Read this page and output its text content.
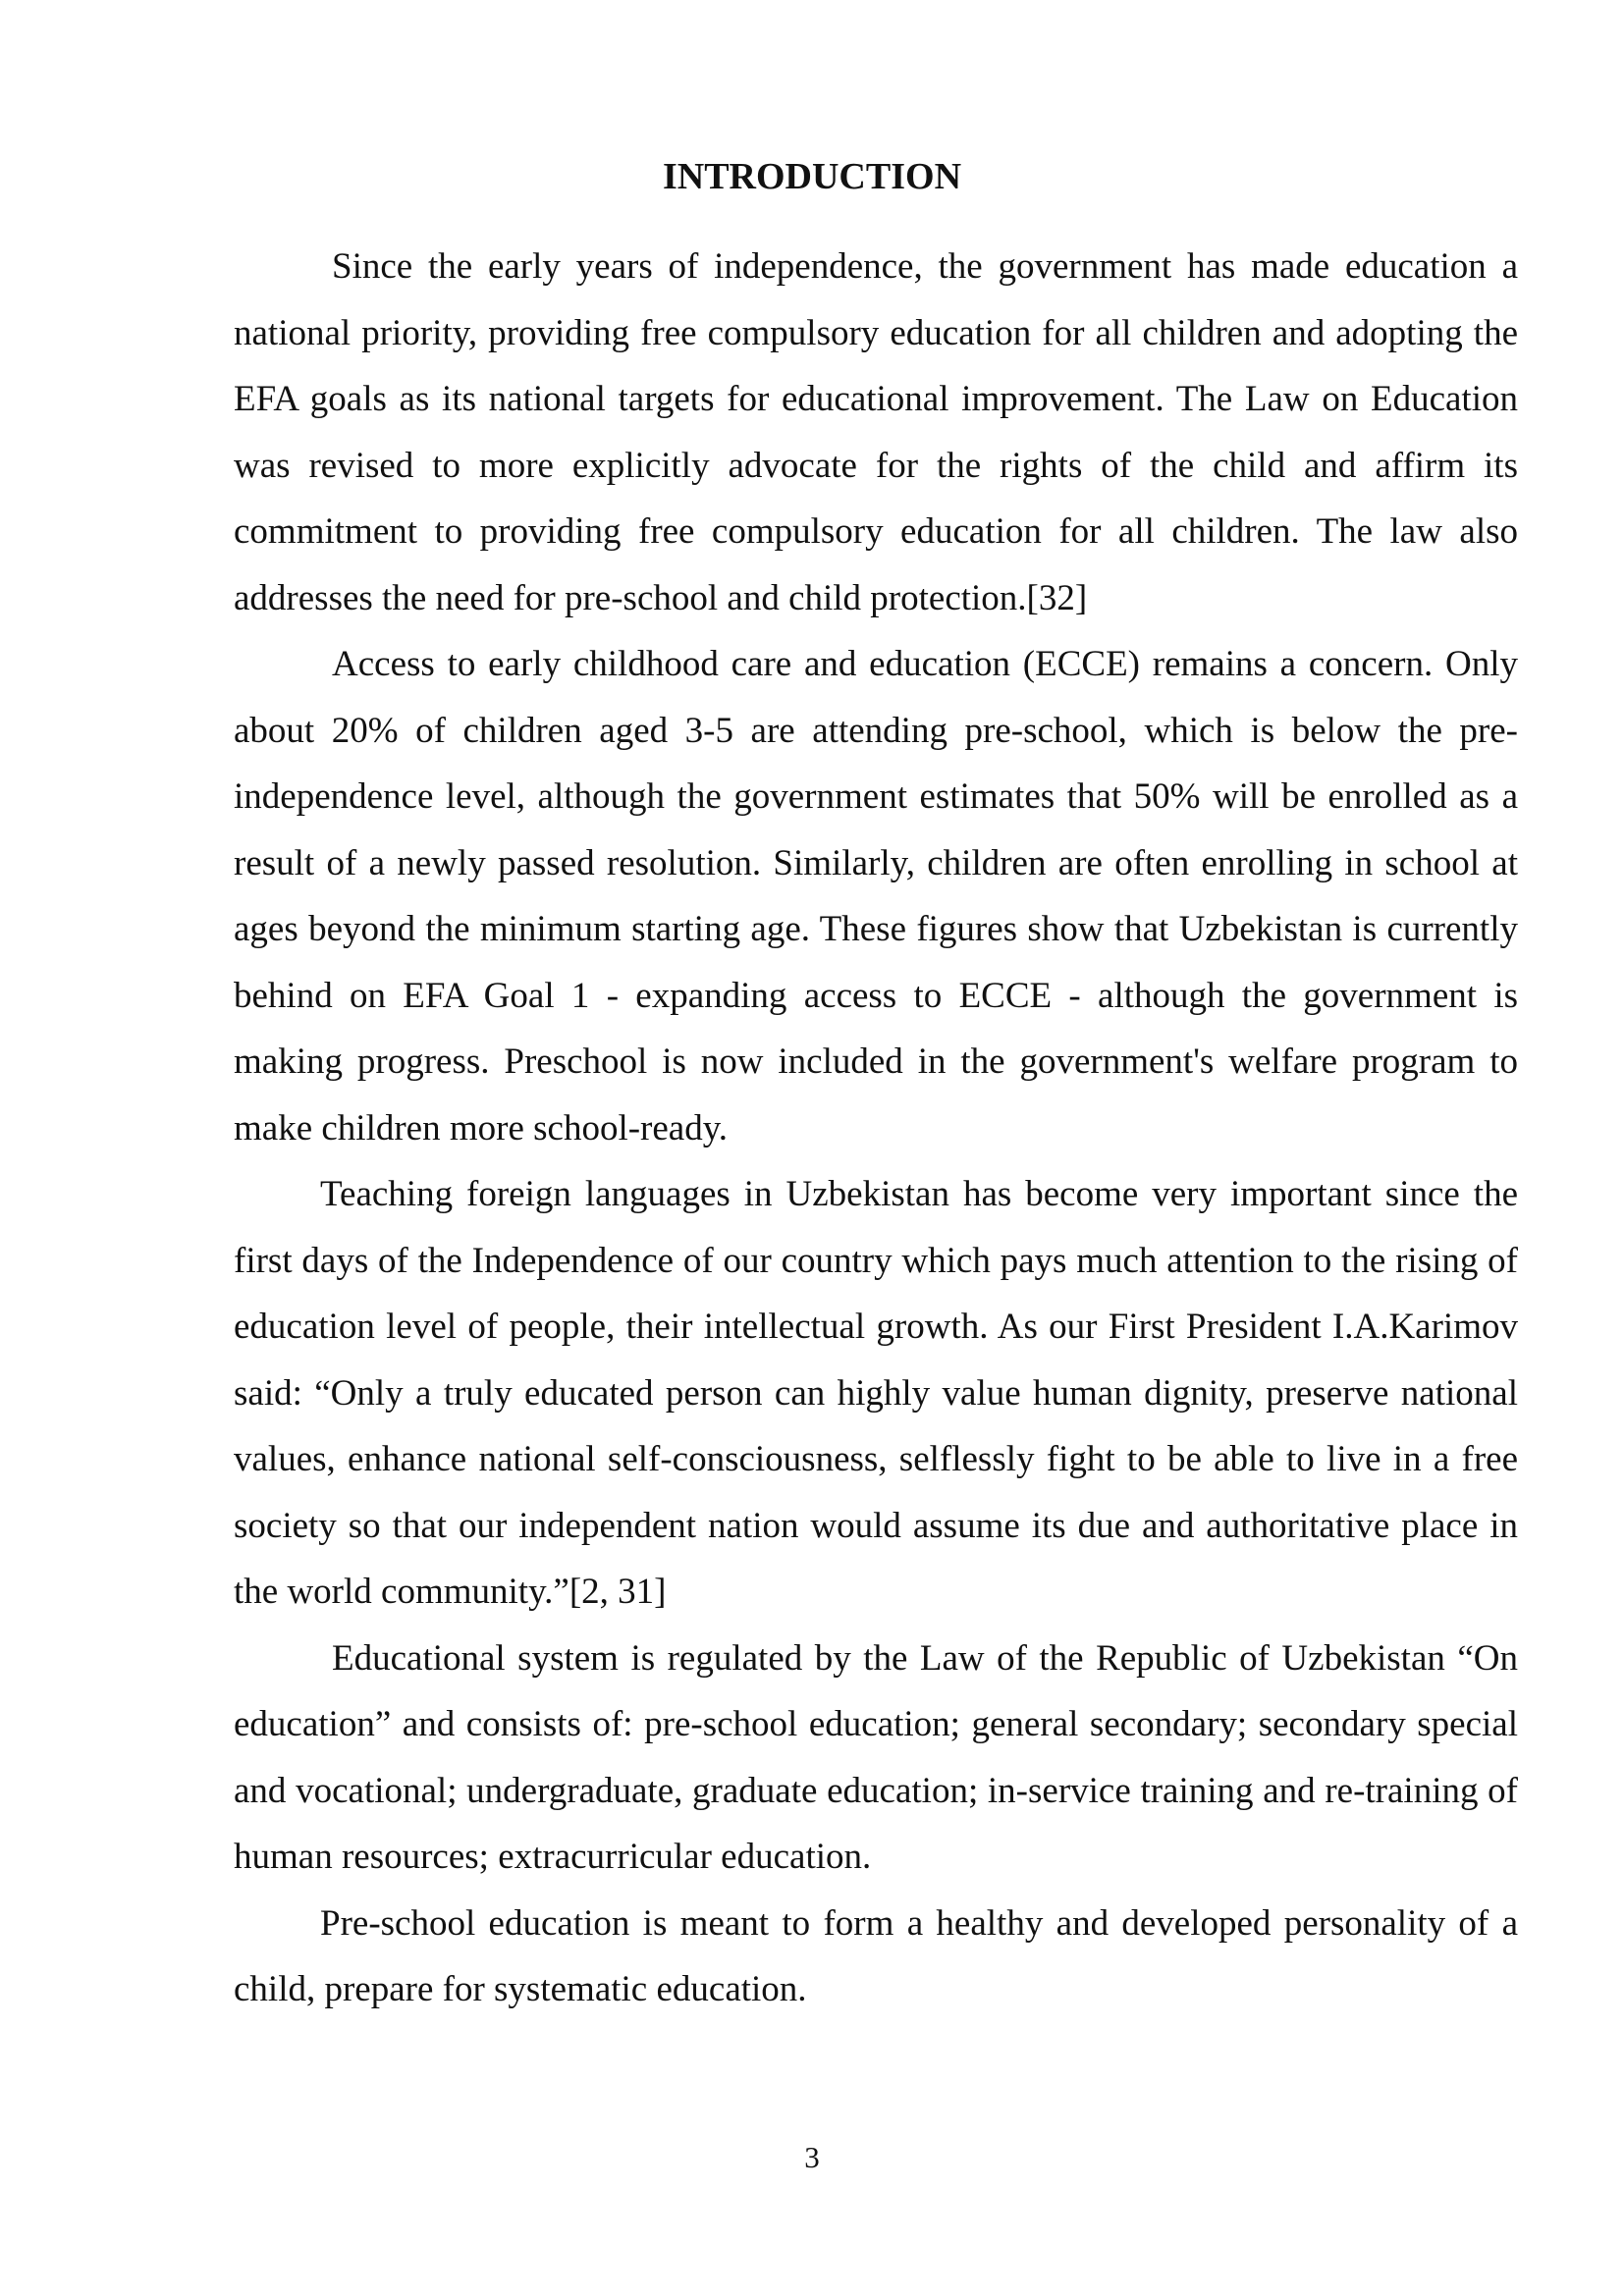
INTRODUCTION

Since the early years of independence, the government has made education a national priority, providing free compulsory education for all children and adopting the EFA goals as its national targets for educational improvement. The Law on Education was revised to more explicitly advocate for the rights of the child and affirm its commitment to providing free compulsory education for all children. The law also addresses the need for pre-school and child protection.[32]

Access to early childhood care and education (ECCE) remains a concern. Only about 20% of children aged 3-5 are attending pre-school, which is below the pre-independence level, although the government estimates that 50% will be enrolled as a result of a newly passed resolution. Similarly, children are often enrolling in school at ages beyond the minimum starting age. These figures show that Uzbekistan is currently behind on EFA Goal 1 - expanding access to ECCE - although the government is making progress. Preschool is now included in the government's welfare program to make children more school-ready.

Teaching foreign languages in Uzbekistan has become very important since the first days of the Independence of our country which pays much attention to the rising of education level of people, their intellectual growth. As our First President I.A.Karimov said: “Only a truly educated person can highly value human dignity, preserve national values, enhance national self-consciousness, selflessly fight to be able to live in a free society so that our independent nation would assume its due and authoritative place in the world community.”[2, 31]

Educational system is regulated by the Law of the Republic of Uzbekistan “On education” and consists of: pre-school education; general secondary; secondary special and vocational; undergraduate, graduate education; in-service training and re-training of human resources; extracurricular education.

Pre-school education is meant to form a healthy and developed personality of a child, prepare for systematic education.

3
